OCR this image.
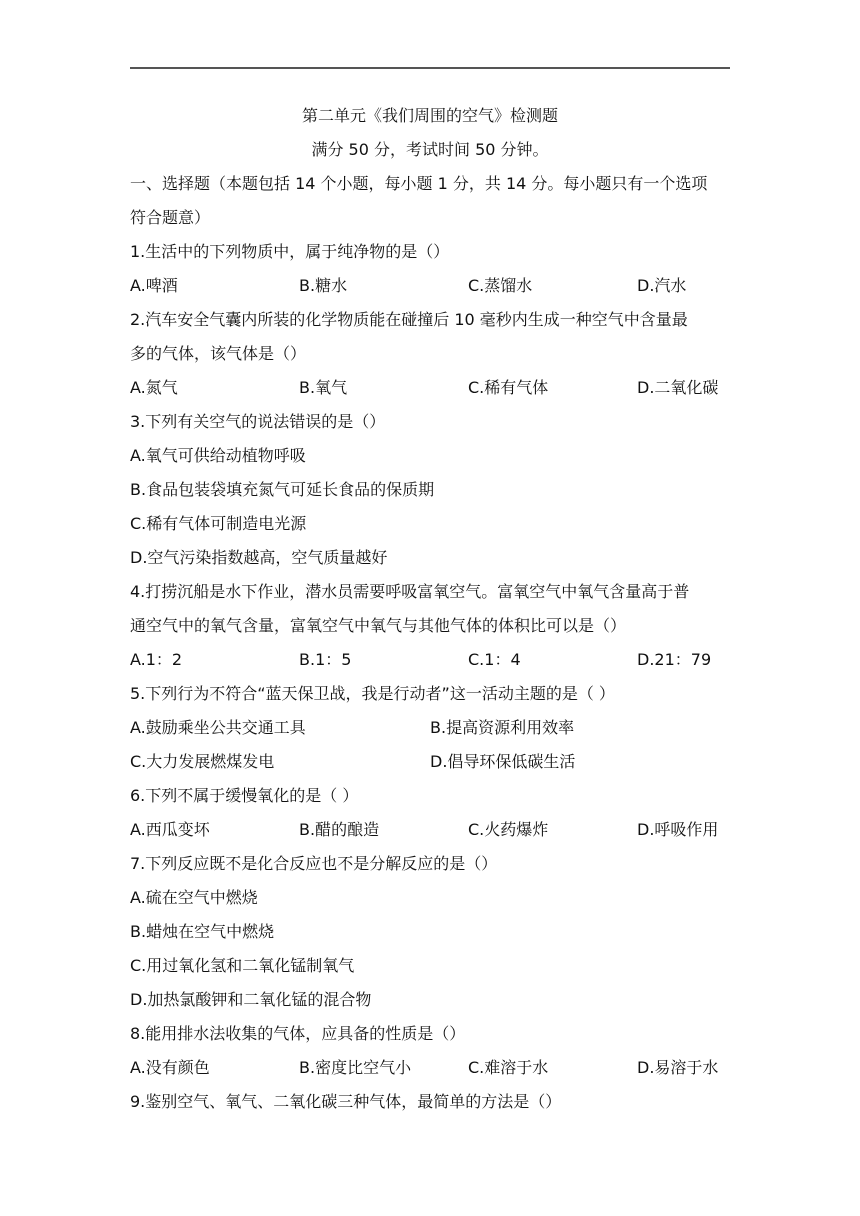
第二单元《我们周围的空气》检测题
满分 50 分，考试时间 50 分钟。
一、选择题（本题包括 14 个小题，每小题 1 分，共 14 分。每小题只有一个选项
符合题意）
1.生活中的下列物质中，属于纯净物的是（）
A.啤酒	B.糖水	C.蒸馏水	D.汽水
2.汽车安全气囊内所装的化学物质能在碰撞后 10 毫秒内生成一种空气中含量最
多的气体，该气体是（）
A.氮气	B.氧气	C.稀有气体	D.二氧化碳
3.下列有关空气的说法错误的是（）
A.氧气可供给动植物呼吸
B.食品包装袋填充氮气可延长食品的保质期
C.稀有气体可制造电光源
D.空气污染指数越高，空气质量越好
4.打捞沉船是水下作业，潜水员需要呼吸富氧空气。富氧空气中氧气含量高于普
通空气中的氧气含量，富氧空气中氧气与其他气体的体积比可以是（）
A.1：2	B.1：5	C.1：4	D.21：79
5.下列行为不符合“蓝天保卫战，我是行动者”这一活动主题的是（ ）
A.鼓励乘坐公共交通工具	B.提高资源利用效率
C.大力发展燃煤发电	D.倡导环保低碳生活
6.下列不属于缓慢氧化的是（ ）
A.西瓜变坏	B.醋的酿造	C.火药爆炸	D.呼吸作用
7.下列反应既不是化合反应也不是分解反应的是（）
A.硫在空气中燃烧
B.蜡烛在空气中燃烧
C.用过氧化氢和二氧化锰制氧气
D.加热氯酸钾和二氧化锰的混合物
8.能用排水法收集的气体，应具备的性质是（）
A.没有颜色	B.密度比空气小	C.难溶于水	D.易溶于水
9.鉴别空气、氧气、二氧化碳三种气体，最简单的方法是（）
